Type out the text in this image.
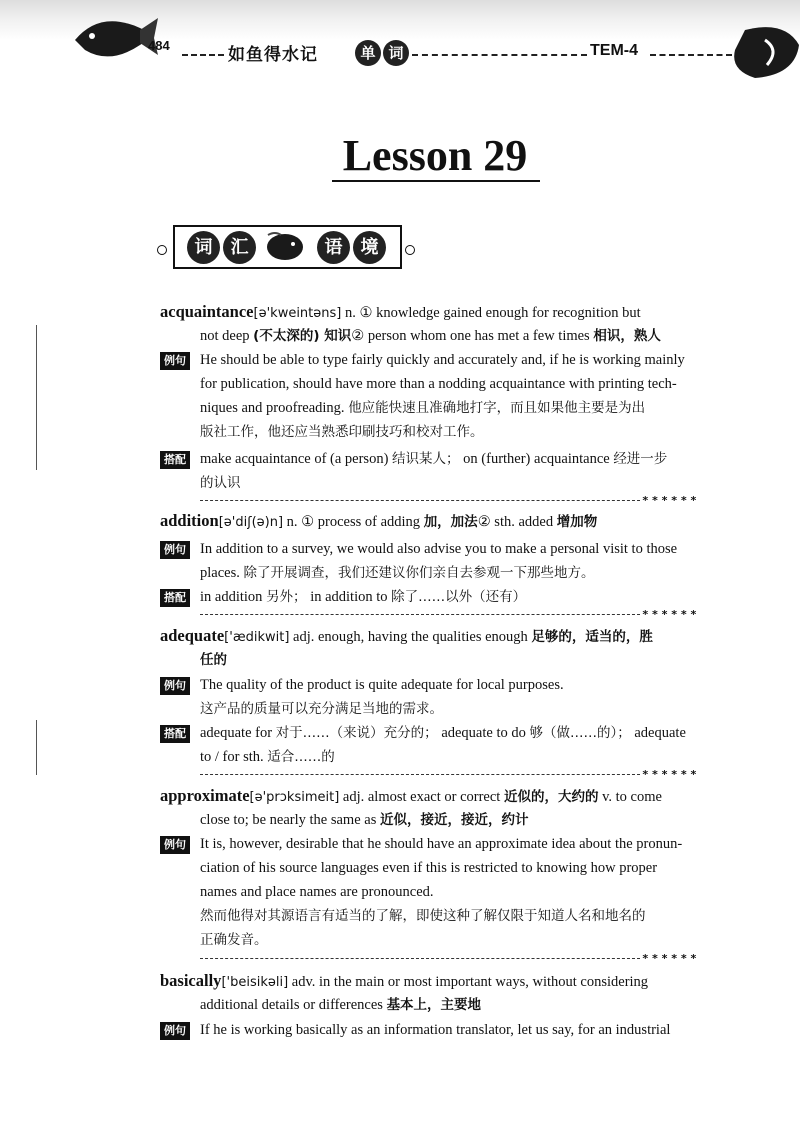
484	如鱼得水记	单 词	TEM-4
Lesson 29
词	汇	语	境
acquaintance[ə'kweintəns] n. ① knowledge gained enough for recognition but
not deep (不太深的) 知识② person whom one has met a few times 相识，熟人
例句 He should be able to type fairly quickly and accurately and, if he is working mainly
for publication, should have more than a nodding acquaintance with printing tech-
niques and proofreading. 他应能快速且准确地打字，而且如果他主要是为出
版社工作，他还应当熟悉印刷技巧和校对工作。
搭配 make acquaintance of (a person) 结识某人； on (further) acquaintance 经进一步
的认识
******
addition[ə'diʃ(ə)n] n. ① process of adding 加，加法② sth. added 增加物
例句 In addition to a survey, we would also advise you to make a personal visit to those
places. 除了开展调查，我们还建议你们亲自去参观一下那些地方。
搭配 in addition 另外； in addition to 除了……以外（还有）
******
adequate['ædikwit] adj. enough, having the qualities enough 足够的，适当的，胜
任的
例句 The quality of the product is quite adequate for local purposes.
这产品的质量可以充分满足当地的需求。
搭配 adequate for 对于……（来说）充分的； adequate to do 够（做……的）； adequate
to / for sth. 适合……的
******
approximate[ə'prɔksimeit] adj. almost exact or correct 近似的，大约的 v. to come
close to; be nearly the same as 近似，接近，接近，约计
例句 It is, however, desirable that he should have an approximate idea about the pronun-
ciation of his source languages even if this is restricted to knowing how proper
names and place names are pronounced.
然而他得对其源语言有适当的了解，即使这种了解仅限于知道人名和地名的
正确发音。
******
basically['beisikəli] adv. in the main or most important ways, without considering
additional details or differences 基本上，主要地
例句 If he is working basically as an information translator, let us say, for an industrial
